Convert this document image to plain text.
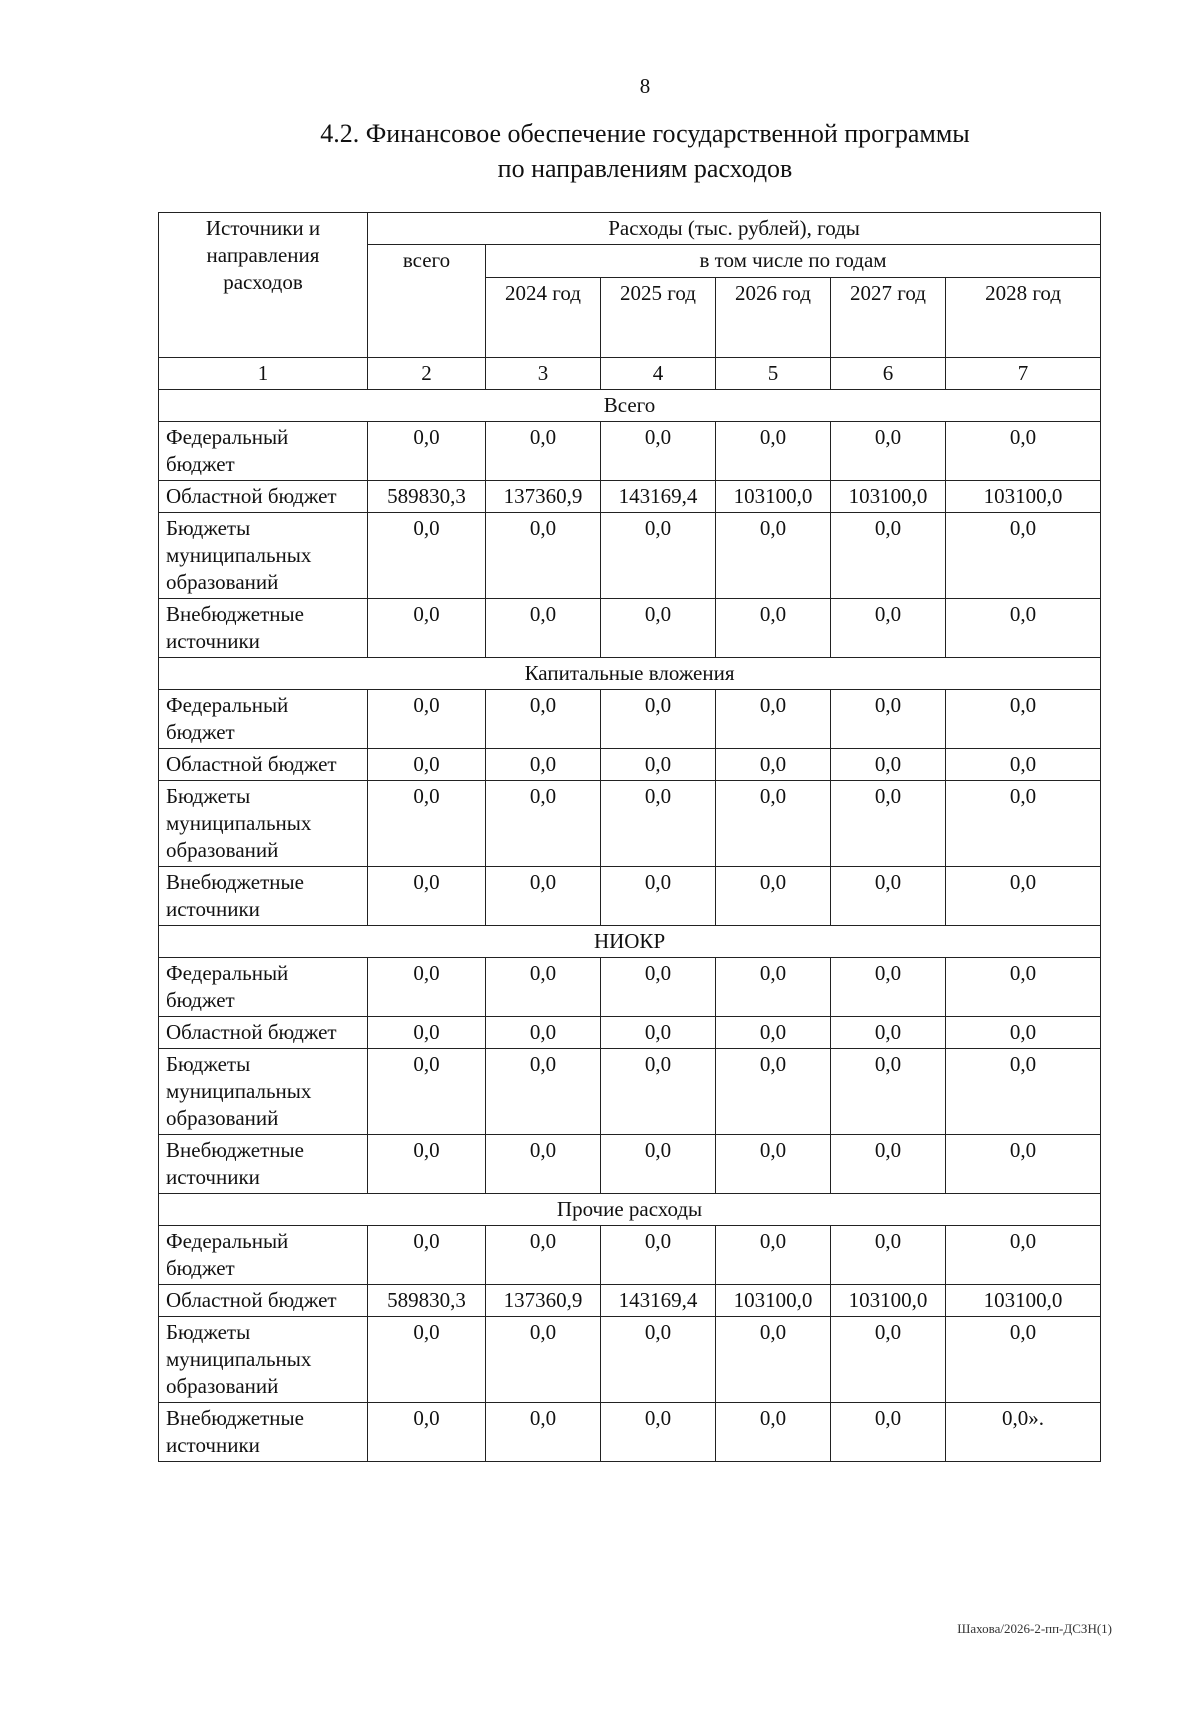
8
4.2. Финансовое обеспечение государственной программы
по направлениям расходов
Источники и направления расходов	Расходы (тыс. рублей), годы					
	всего	в том числе по годам				
		2024 год	2025 год	2026 год	2027 год	2028 год
1	2	3	4	5	6	7
Всего						
Федеральный бюджет	0,0	0,0	0,0	0,0	0,0	0,0
Областной бюджет	589830,3	137360,9	143169,4	103100,0	103100,0	103100,0
Бюджеты муниципальных образований	0,0	0,0	0,0	0,0	0,0	0,0
Внебюджетные источники	0,0	0,0	0,0	0,0	0,0	0,0
Капитальные вложения						
Федеральный бюджет	0,0	0,0	0,0	0,0	0,0	0,0
Областной бюджет	0,0	0,0	0,0	0,0	0,0	0,0
Бюджеты муниципальных образований	0,0	0,0	0,0	0,0	0,0	0,0
Внебюджетные источники	0,0	0,0	0,0	0,0	0,0	0,0
НИОКР						
Федеральный бюджет	0,0	0,0	0,0	0,0	0,0	0,0
Областной бюджет	0,0	0,0	0,0	0,0	0,0	0,0
Бюджеты муниципальных образований	0,0	0,0	0,0	0,0	0,0	0,0
Внебюджетные источники	0,0	0,0	0,0	0,0	0,0	0,0
Прочие расходы						
Федеральный бюджет	0,0	0,0	0,0	0,0	0,0	0,0
Областной бюджет	589830,3	137360,9	143169,4	103100,0	103100,0	103100,0
Бюджеты муниципальных образований	0,0	0,0	0,0	0,0	0,0	0,0
Внебюджетные источники	0,0	0,0	0,0	0,0	0,0	0,0».
Шахова/2026-2-пп-ДСЗН(1)
